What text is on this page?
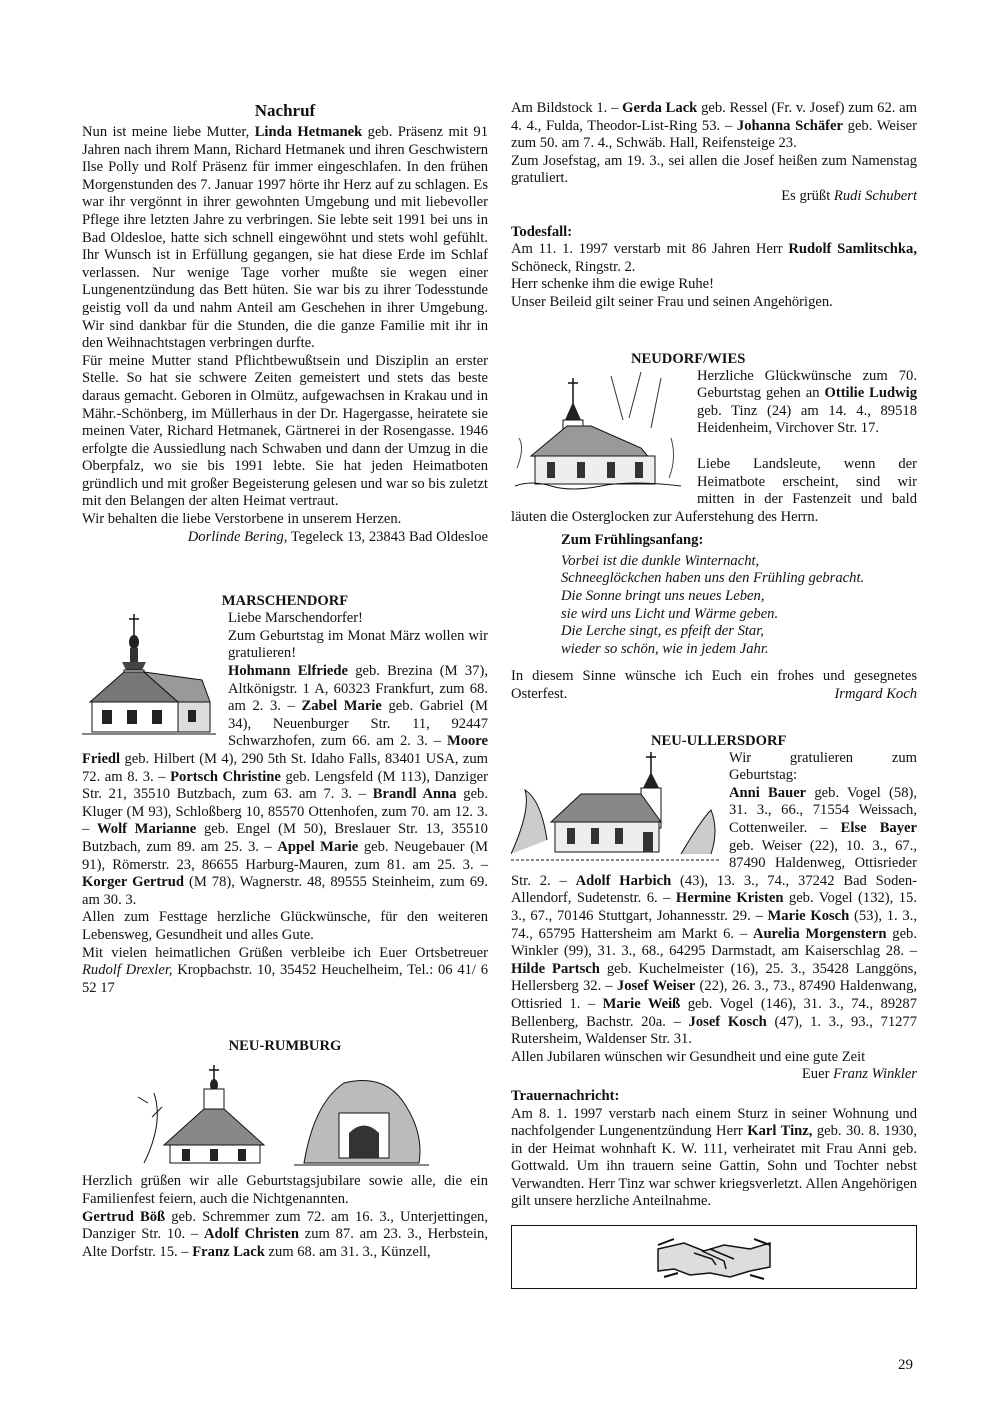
Nachruf

Nun ist meine liebe Mutter, Linda Hetmanek geb. Präsenz mit 91 Jahren nach ihrem Mann, Richard Hetmanek und ihren Geschwistern Ilse Polly und Rolf Präsenz für immer eingeschlafen. In den frühen Morgenstunden des 7. Januar 1997 hörte ihr Herz auf zu schlagen. Es war ihr vergönnt in ihrer gewohnten Umgebung und mit liebevoller Pflege ihre letzten Jahre zu verbringen. Sie lebte seit 1991 bei uns in Bad Oldesloe, hatte sich schnell eingewöhnt und stets wohl gefühlt. Ihr Wunsch ist in Erfüllung gegangen, sie hat diese Erde im Schlaf verlassen. Nur wenige Tage vorher mußte sie wegen einer Lungenentzündung das Bett hüten. Sie war bis zu ihrer Todesstunde geistig voll da und nahm Anteil am Geschehen in ihrer Umgebung. Wir sind dankbar für die Stunden, die die ganze Familie mit ihr in den Weihnachtstagen verbringen durfte.

Für meine Mutter stand Pflichtbewußtsein und Disziplin an erster Stelle. So hat sie schwere Zeiten gemeistert und stets das beste daraus gemacht. Geboren in Olmütz, aufgewachsen in Krakau und in Mähr.-Schönberg, im Müllerhaus in der Dr. Hagergasse, heiratete sie meinen Vater, Richard Hetmanek, Gärtnerei in der Rosengasse. 1946 erfolgte die Aussiedlung nach Schwaben und dann der Umzug in die Oberpfalz, wo sie bis 1991 lebte. Sie hat jeden Heimatboten gründlich und mit großer Begeisterung gelesen und war so bis zuletzt mit den Belangen der alten Heimat vertraut.

Wir behalten die liebe Verstorbene in unserem Herzen.

Dorlinde Bering, Tegeleck 13, 23843 Bad Oldesloe

MARSCHENDORF

Liebe Marschendorfer!

Zum Geburtstag im Monat März wollen wir gratulieren!

Hohmann Elfriede geb. Brezina (M 37), Altkönigstr. 1 A, 60323 Frankfurt, zum 68. am 2. 3. – Zabel Marie geb. Gabriel (M 34), Neuenburger Str. 11, 92447 Schwarzhofen, zum 66. am 2. 3. – Moore Friedl geb. Hilbert (M 4), 290 5th St. Idaho Falls, 83401 USA, zum 72. am 8. 3. – Portsch Christine geb. Lengsfeld (M 113), Danziger Str. 21, 35510 Butzbach, zum 63. am 7. 3. – Brandl Anna geb. Kluger (M 93), Schloßberg 10, 85570 Ottenhofen, zum 70. am 12. 3. – Wolf Marianne geb. Engel (M 50), Breslauer Str. 13, 35510 Butzbach, zum 89. am 25. 3. – Appel Marie geb. Neugebauer (M 91), Römerstr. 23, 86655 Harburg-Mauren, zum 81. am 25. 3. – Korger Gertrud (M 78), Wagnerstr. 48, 89555 Steinheim, zum 69. am 30. 3.

Allen zum Festtage herzliche Glückwünsche, für den weiteren Lebensweg, Gesundheit und alles Gute.

Mit vielen heimatlichen Grüßen verbleibe ich Euer Ortsbetreuer Rudolf Drexler, Kropbachstr. 10, 35452 Heuchelheim, Tel.: 06 41/ 6 52 17

NEU-RUMBURG

Herzlich grüßen wir alle Geburtstagsjubilare sowie alle, die ein Familienfest feiern, auch die Nichtgenannten.

Gertrud Böß geb. Schremmer zum 72. am 16. 3., Unterjettingen, Danziger Str. 10. – Adolf Christen zum 87. am 23. 3., Herbstein, Alte Dorfstr. 15. – Franz Lack zum 68. am 31. 3., Künzell,

Am Bildstock 1. – Gerda Lack geb. Ressel (Fr. v. Josef) zum 62. am 4. 4., Fulda, Theodor-List-Ring 53. – Johanna Schäfer geb. Weiser zum 50. am 7. 4., Schwäb. Hall, Reifensteige 23.

Zum Josefstag, am 19. 3., sei allen die Josef heißen zum Namenstag gratuliert.

Es grüßt Rudi Schubert

Todesfall:

Am 11. 1. 1997 verstarb mit 86 Jahren Herr Rudolf Samlitschka, Schöneck, Ringstr. 2.

Herr schenke ihm die ewige Ruhe!

Unser Beileid gilt seiner Frau und seinen Angehörigen.

NEUDORF/WIES

Herzliche Glückwünsche zum 70. Geburtstag gehen an Ottilie Ludwig geb. Tinz (24) am 14. 4., 89518 Heidenheim, Virchover Str. 17.

Liebe Landsleute, wenn der Heimatbote erscheint, sind wir mitten in der Fastenzeit und bald läuten die Osterglocken zur Auferstehung des Herrn.

Zum Frühlingsanfang:

Vorbei ist die dunkle Winternacht,

Schneeglöckchen haben uns den Frühling gebracht.

Die Sonne bringt uns neues Leben,

sie wird uns Licht und Wärme geben.

Die Lerche singt, es pfeift der Star,

wieder so schön, wie in jedem Jahr.

In diesem Sinne wünsche ich Euch ein frohes und gesegnetes Osterfest.	Irmgard Koch

NEU-ULLERSDORF

Wir gratulieren zum Geburtstag:

Anni Bauer geb. Vogel (58), 31. 3., 66., 71554 Weissach, Cottenweiler. – Else Bayer geb. Weiser (22), 10. 3., 67., 87490 Haldenweg, Ottisrieder Str. 2. – Adolf Harbich (43), 13. 3., 74., 37242 Bad Soden-Allendorf, Sudetenstr. 6. – Hermine Kristen geb. Vogel (132), 15. 3., 67., 70146 Stuttgart, Johannesstr. 29. – Marie Kosch (53), 1. 3., 74., 65795 Hattersheim am Markt 6. – Aurelia Morgenstern geb. Winkler (99), 31. 3., 68., 64295 Darmstadt, am Kaiserschlag 28. – Hilde Partsch geb. Kuchelmeister (16), 25. 3., 35428 Langgöns, Hellersberg 32. – Josef Weiser (22), 26. 3., 73., 87490 Haldenwang, Ottisried 1. – Marie Weiß geb. Vogel (146), 31. 3., 74., 89287 Bellenberg, Bachstr. 20a. – Josef Kosch (47), 1. 3., 93., 71277 Rutersheim, Waldenser Str. 31.

Allen Jubilaren wünschen wir Gesundheit und eine gute Zeit

Euer Franz Winkler

Trauernachricht:

Am 8. 1. 1997 verstarb nach einem Sturz in seiner Wohnung und nachfolgender Lungenentzündung Herr Karl Tinz, geb. 30. 8. 1930, in der Heimat wohnhaft K. W. 111, verheiratet mit Frau Anni geb. Gottwald. Um ihn trauern seine Gattin, Sohn und Tochter nebst Verwandten. Herr Tinz war schwer kriegsverletzt. Allen Angehörigen gilt unsere herzliche Anteilnahme.

29
